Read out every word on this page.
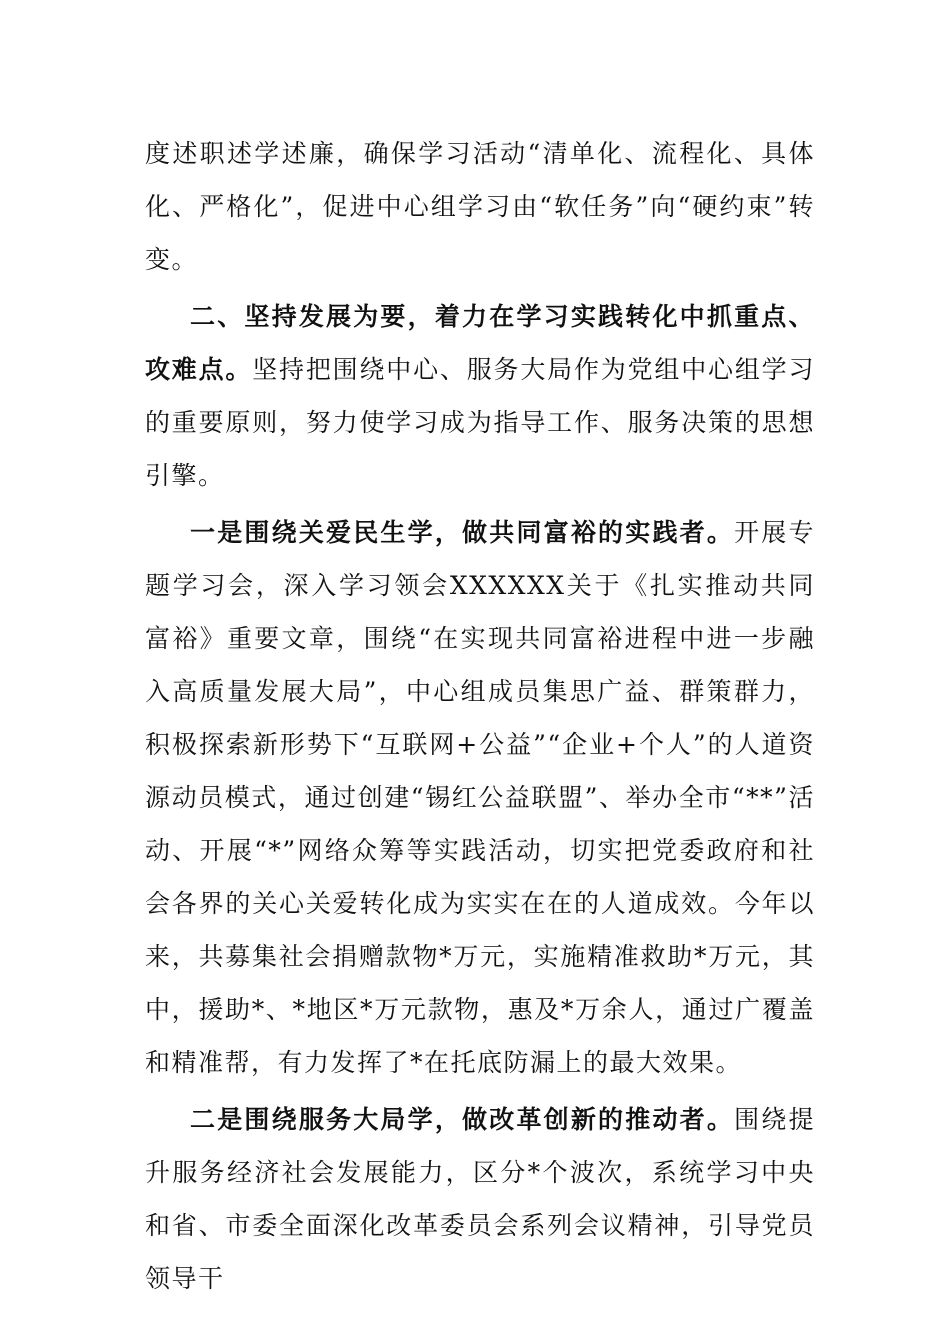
度述职述学述廉，确保学习活动“清单化、流程化、具体化、严格化”，促进中心组学习由“软任务”向“硬约束”转变。

二、坚持发展为要，着力在学习实践转化中抓重点、攻难点。坚持把围绕中心、服务大局作为党组中心组学习的重要原则，努力使学习成为指导工作、服务决策的思想引擎。

一是围绕关爱民生学，做共同富裕的实践者。开展专题学习会，深入学习领会XXXXXX关于《扎实推动共同富裕》重要文章，围绕“在实现共同富裕进程中进一步融入高质量发展大局”，中心组成员集思广益、群策群力，积极探索新形势下“互联网+公益”“企业+个人”的人道资源动员模式，通过创建“锡红公益联盟”、举办全市“**”活动、开展“*”网络众筹等实践活动，切实把党委政府和社会各界的关心关爱转化成为实实在在的人道成效。今年以来，共募集社会捐赠款物*万元，实施精准救助*万元，其中，援助*、*地区*万元款物，惠及*万余人，通过广覆盖和精准帮，有力发挥了*在托底防漏上的最大效果。

二是围绕服务大局学，做改革创新的推动者。围绕提升服务经济社会发展能力，区分*个波次，系统学习中央和省、市委全面深化改革委员会系列会议精神，引导党员领导干
